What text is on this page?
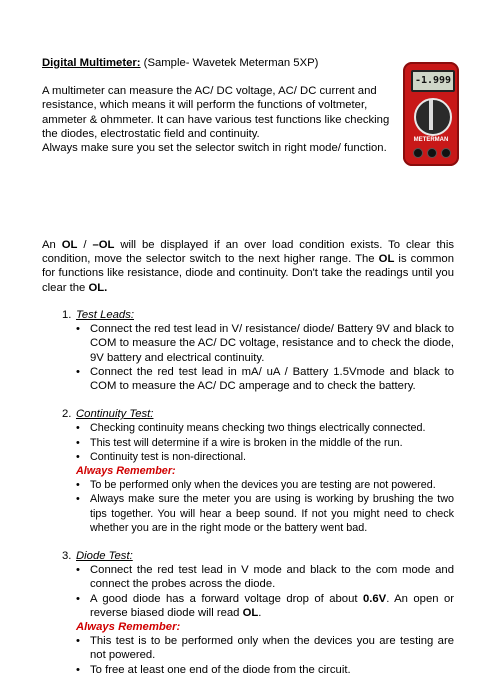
Digital Multimeter: (Sample- Wavetek Meterman 5XP)

A multimeter can measure the AC/ DC voltage, AC/ DC current and resistance, which means it will perform the functions of voltmeter, ammeter & ohmmeter. It can have various test functions like checking the diodes, electrostatic field and continuity.

Always make sure you set the selector switch in right mode/ function.

-1.999
METERMAN

An OL / –OL will be displayed if an over load condition exists. To clear this condition, move the selector switch to the next higher range. The OL is common for functions like resistance, diode and continuity. Don't take the readings until you clear the OL.

1. Test Leads:
• Connect the red test lead in V/ resistance/ diode/ Battery 9V and black to COM to measure the AC/ DC voltage, resistance and to check the diode, 9V battery and electrical continuity.
• Connect the red test lead in mA/ uA / Battery 1.5Vmode and black to COM to measure the AC/ DC amperage and to check the battery.
2. Continuity Test:
• Checking continuity means checking two things electrically connected.
• This test will determine if a wire is broken in the middle of the run.
• Continuity test is non-directional.
Always Remember:
• To be performed only when the devices you are testing are not powered.
• Always make sure the meter you are using is working by brushing the two tips together. You will hear a beep sound. If not you might need to check whether you are in the right mode or the battery went bad.
3. Diode Test:
• Connect the red test lead in V mode and black to the com mode and connect the probes across the diode.
• A good diode has a forward voltage drop of about 0.6V. An open or reverse biased diode will read OL.
Always Remember:
• This test is to be performed only when the devices you are testing are not powered.
• To free at least one end of the diode from the circuit.
